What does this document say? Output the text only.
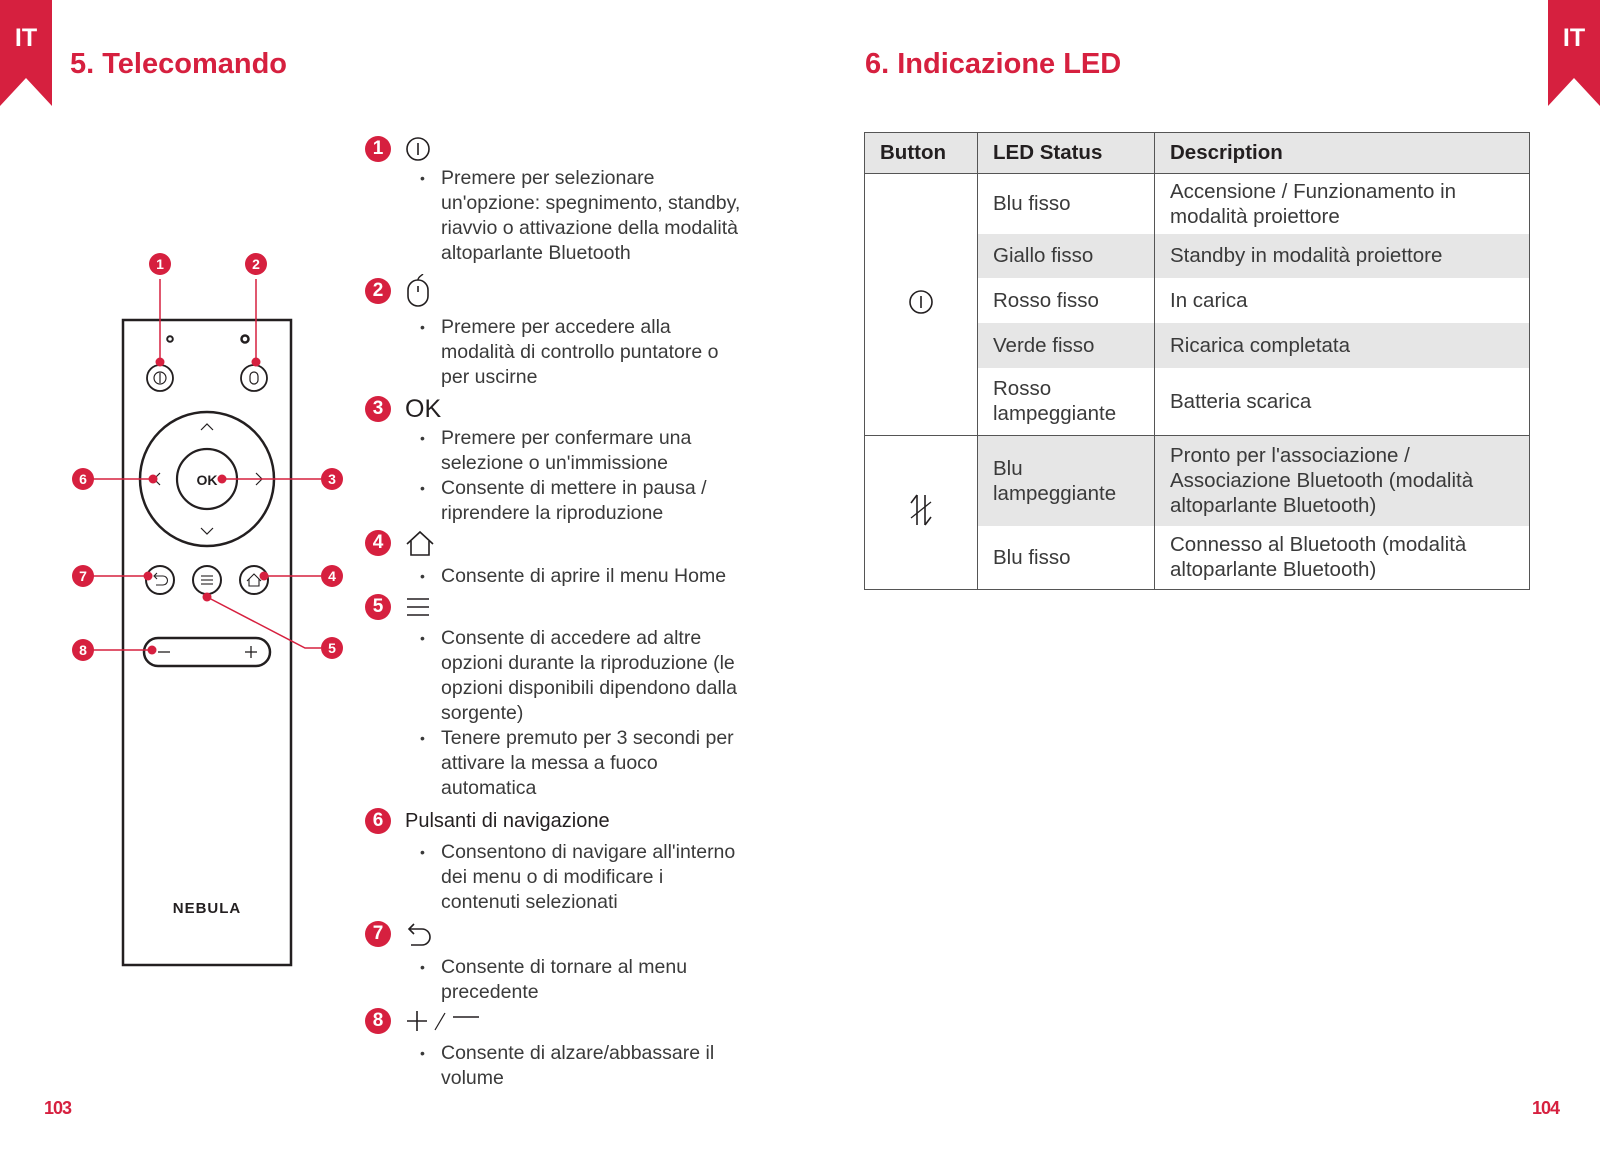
IT	IT
5. Telecomando	6. Indicazione LED
OK
NEBULA
1	2
3
4
5
6
7
8
1
• Premere per selezionare un'opzione: spegnimento, standby, riavvio o attivazione della modalità altoparlante Bluetooth
2
• Premere per accedere alla modalità di controllo puntatore o per uscirne
3 OK
• Premere per confermare una selezione o un'immissione
• Consente di mettere in pausa / riprendere la riproduzione
4
• Consente di aprire il menu Home
5
• Consente di accedere ad altre opzioni durante la riproduzione (le opzioni disponibili dipendono dalla sorgente)
• Tenere premuto per 3 secondi per attivare la messa a fuoco automatica
6	Pulsanti di navigazione
• Consentono di navigare all'interno dei menu o di modificare i contenuti selezionati
7
• Consente di tornare al menu precedente
8
• Consente di alzare/abbassare il volume
103	104
Button	LED Status	Description
	Blu fisso	Accensione / Funzionamento in modalità proiettore
	Giallo fisso	Standby in modalità proiettore
	Rosso fisso	In carica
	Verde fisso	Ricarica completata
	Rosso lampeggiante	Batteria scarica
	Blu lampeggiante	Pronto per l'associazione / Associazione Bluetooth (modalità altoparlante Bluetooth)
	Blu fisso	Connesso al Bluetooth (modalità altoparlante Bluetooth)
